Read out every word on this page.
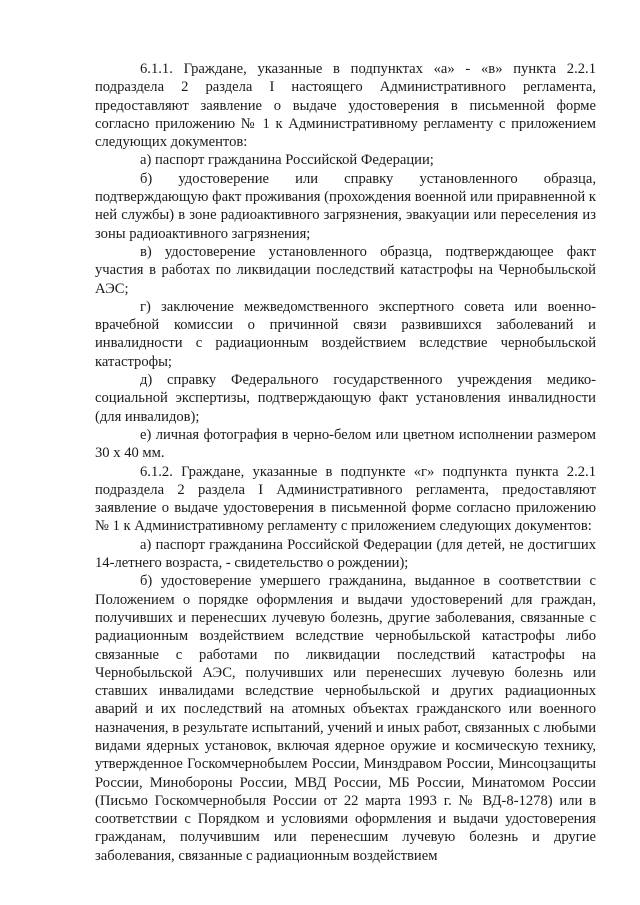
6.1.1. Граждане, указанные в подпунктах «а» - «в» пункта 2.2.1 подраздела 2 раздела I настоящего Административного регламента, предоставляют заявление о выдаче удостоверения в письменной форме согласно приложению № 1 к Административному регламенту с приложением следующих документов:

а) паспорт гражданина Российской Федерации;

б) удостоверение или справку установленного образца, подтверждающую факт проживания (прохождения военной или приравненной к ней службы) в зоне радиоактивного загрязнения, эвакуации или переселения из зоны радиоактивного загрязнения;

в) удостоверение установленного образца, подтверждающее факт участия в работах по ликвидации последствий катастрофы на Чернобыльской АЭС;

г) заключение межведомственного экспертного совета или военно-врачебной комиссии о причинной связи развившихся заболеваний и инвалидности с радиационным воздействием вследствие чернобыльской катастрофы;

д) справку Федерального государственного учреждения медико-социальной экспертизы, подтверждающую факт установления инвалидности (для инвалидов);

е) личная фотография в черно-белом или цветном исполнении размером 30 х 40 мм.

6.1.2. Граждане, указанные в подпункте «г» подпункта пункта 2.2.1 подраздела 2 раздела I Административного регламента, предоставляют заявление о выдаче удостоверения в письменной форме согласно приложению № 1 к Административному регламенту с приложением следующих документов:

а) паспорт гражданина Российской Федерации (для детей, не достигших 14-летнего возраста, - свидетельство о рождении);

б) удостоверение умершего гражданина, выданное в соответствии с Положением о порядке оформления и выдачи удостоверений для граждан, получивших и перенесших лучевую болезнь, другие заболевания, связанные с радиационным воздействием вследствие чернобыльской катастрофы либо связанные с работами по ликвидации последствий катастрофы на Чернобыльской АЭС, получивших или перенесших лучевую болезнь или ставших инвалидами вследствие чернобыльской и других радиационных аварий и их последствий на атомных объектах гражданского или военного назначения, в результате испытаний, учений и иных работ, связанных с любыми видами ядерных установок, включая ядерное оружие и космическую технику, утвержденное Госкомчернобылем России, Минздравом России, Минсоцзащиты России, Минобороны России, МВД России, МБ России, Минатомом России (Письмо Госкомчернобыля России от 22 марта 1993 г. № ВД-8-1278) или в соответствии с Порядком и условиями оформления и выдачи удостоверения гражданам, получившим или перенесшим лучевую болезнь и другие заболевания, связанные с радиационным воздействием
